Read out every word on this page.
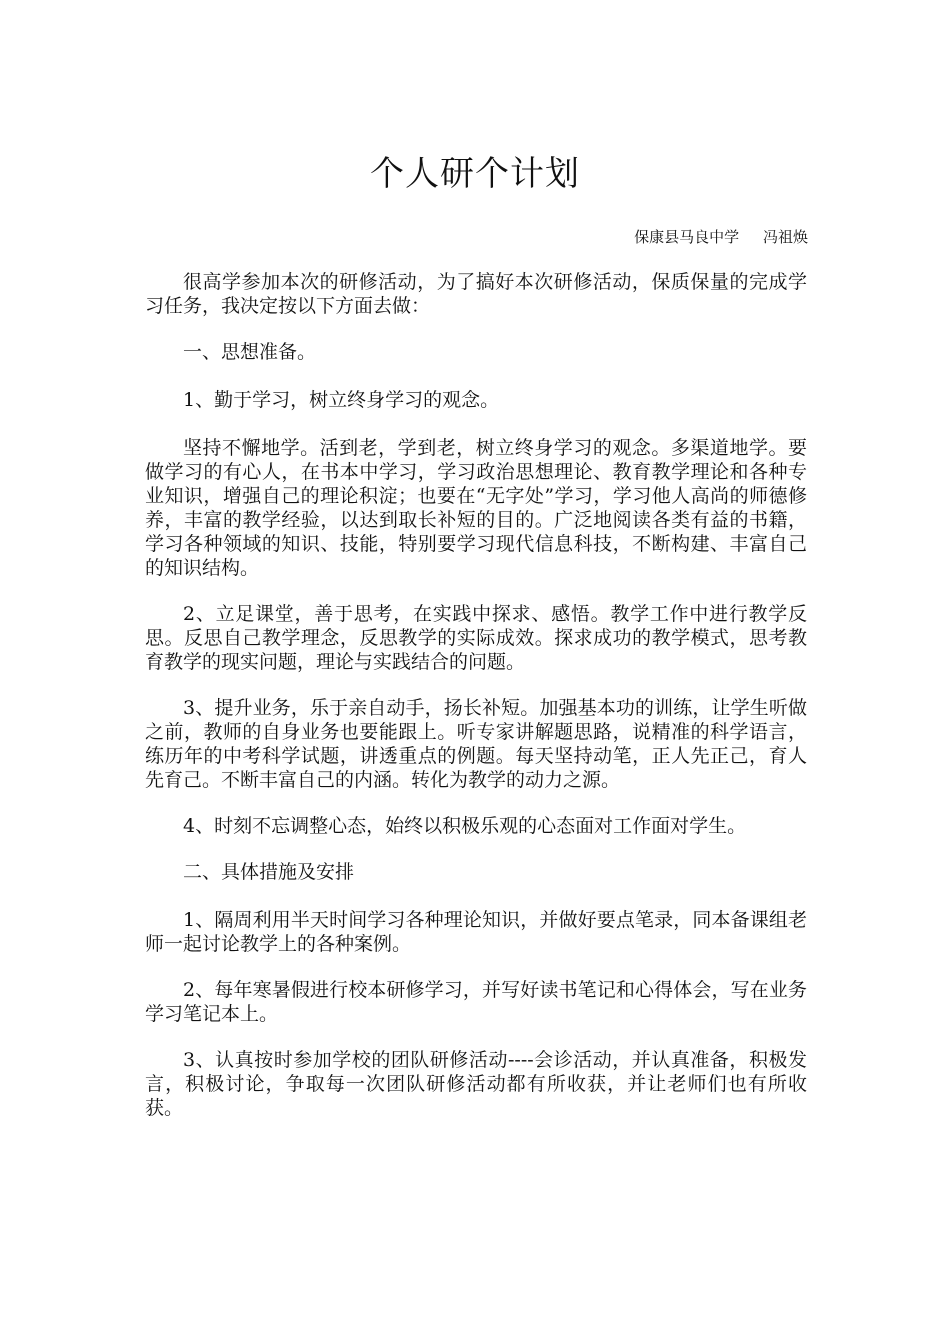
个人研个计划
保康县马良中学     冯祖焕

很高学参加本次的研修活动，为了搞好本次研修活动，保质保量的完成学习任务，我决定按以下方面去做：

一、思想准备。

1、勤于学习，树立终身学习的观念。

坚持不懈地学。活到老，学到老，树立终身学习的观念。多渠道地学。要做学习的有心人，在书本中学习，学习政治思想理论、教育教学理论和各种专业知识，增强自己的理论积淀；也要在“无字处”学习，学习他人高尚的师德修养，丰富的教学经验，以达到取长补短的目的。广泛地阅读各类有益的书籍，学习各种领域的知识、技能，特别要学习现代信息科技，不断构建、丰富自己的知识结构。

2、立足课堂，善于思考，在实践中探求、感悟。教学工作中进行教学反思。反思自己教学理念，反思教学的实际成效。探求成功的教学模式，思考教育教学的现实问题，理论与实践结合的问题。

3、提升业务，乐于亲自动手，扬长补短。加强基本功的训练，让学生听做之前，教师的自身业务也要能跟上。听专家讲解题思路，说精准的科学语言，练历年的中考科学试题，讲透重点的例题。每天坚持动笔，正人先正己，育人先育己。不断丰富自己的内涵。转化为教学的动力之源。

4、时刻不忘调整心态，始终以积极乐观的心态面对工作面对学生。

二、具体措施及安排

1、隔周利用半天时间学习各种理论知识，并做好要点笔录，同本备课组老师一起讨论教学上的各种案例。

2、每年寒暑假进行校本研修学习，并写好读书笔记和心得体会，写在业务学习笔记本上。

3、认真按时参加学校的团队研修活动----会诊活动，并认真准备，积极发言，积极讨论，争取每一次团队研修活动都有所收获，并让老师们也有所收获。
